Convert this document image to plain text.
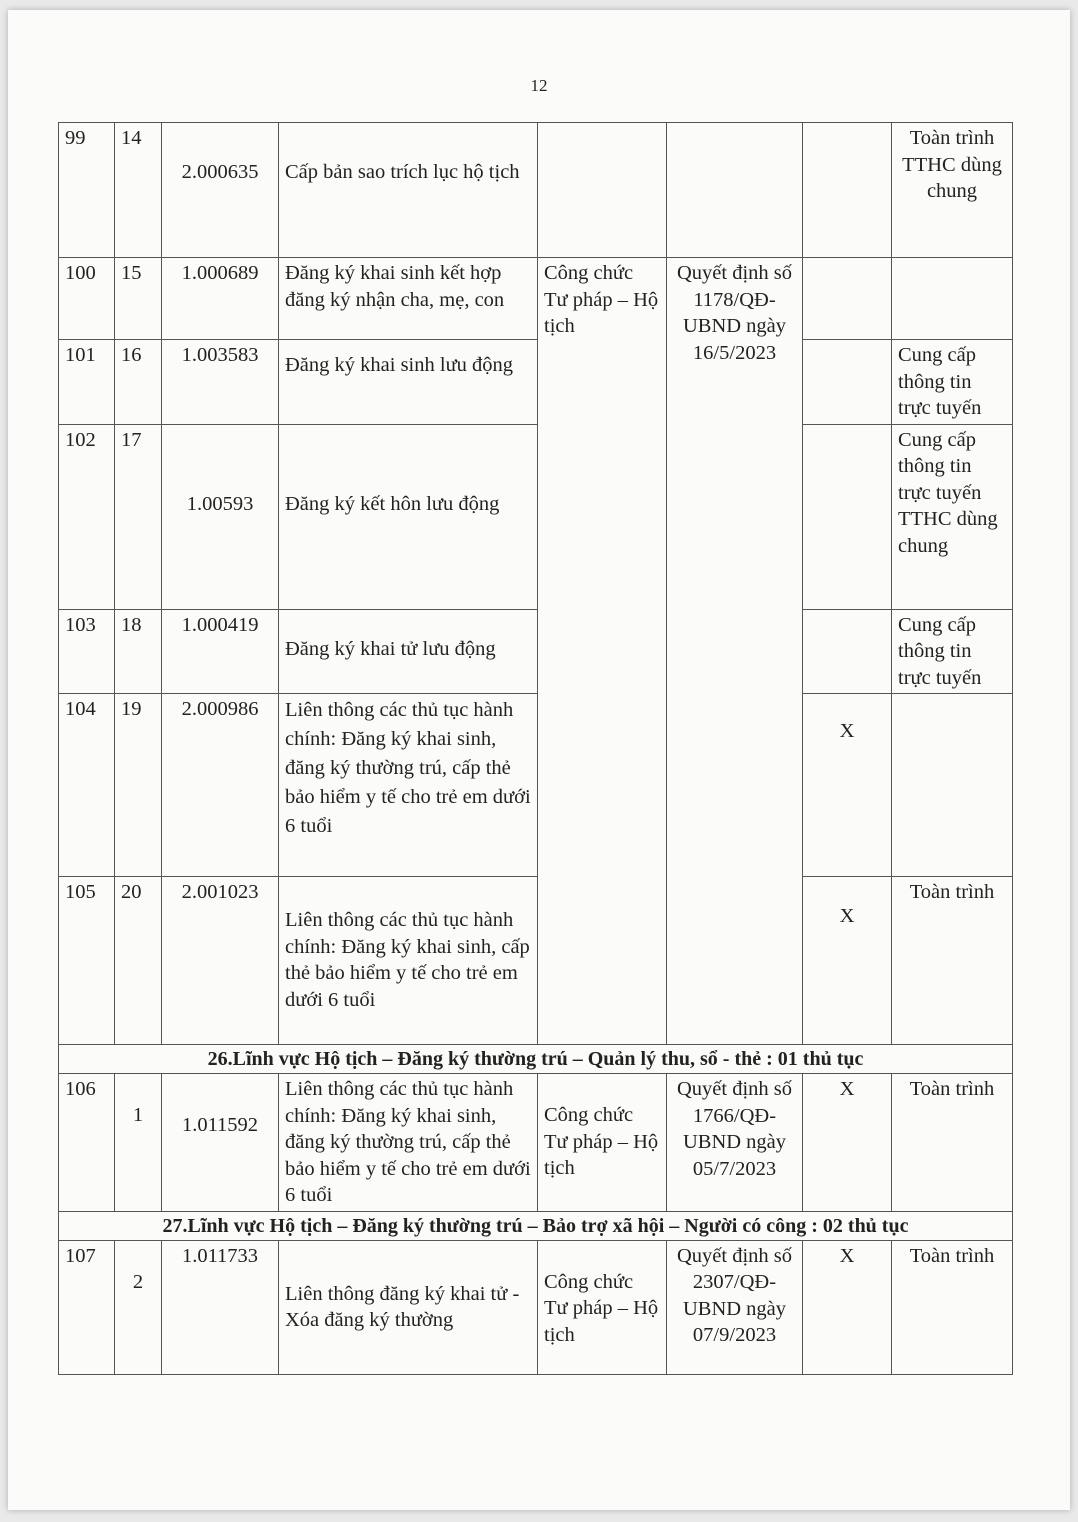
12
99	14	2.000635	Cấp bản sao trích lục hộ tịch				Toàn trình TTHC dùng chung
100	15	1.000689	Đăng ký khai sinh kết hợp đăng ký nhận cha, mẹ, con	Công chức Tư pháp – Hộ tịch	Quyết định số 1178/QĐ-UBND ngày 16/5/2023		
101	16	1.003583	Đăng ký khai sinh lưu động				Cung cấp thông tin trực tuyến
102	17	1.00593	Đăng ký kết hôn lưu động				Cung cấp thông tin trực tuyến TTHC dùng chung
103	18	1.000419	Đăng ký khai tử lưu động				Cung cấp thông tin trực tuyến
104	19	2.000986	Liên thông các thủ tục hành chính: Đăng ký khai sinh, đăng ký thường trú, cấp thẻ bảo hiểm y tế cho trẻ em dưới 6 tuổi			X	
105	20	2.001023	Liên thông các thủ tục hành chính: Đăng ký khai sinh, cấp thẻ bảo hiểm y tế cho trẻ em dưới 6 tuổi			X	Toàn trình
26.Lĩnh vực Hộ tịch – Đăng ký thường trú – Quản lý thu, sổ - thẻ : 01 thủ tục							
106	1	1.011592	Liên thông các thủ tục hành chính: Đăng ký khai sinh, đăng ký thường trú, cấp thẻ bảo hiểm y tế cho trẻ em dưới 6 tuổi	Công chức Tư pháp – Hộ tịch	Quyết định số 1766/QĐ-UBND ngày 05/7/2023	X	Toàn trình
27.Lĩnh vực Hộ tịch – Đăng ký thường trú – Bảo trợ xã hội – Người có công : 02 thủ tục							
107	2	1.011733	Liên thông đăng ký khai tử - Xóa đăng ký thường	Công chức Tư pháp – Hộ tịch	Quyết định số 2307/QĐ-UBND ngày 07/9/2023	X	Toàn trình
